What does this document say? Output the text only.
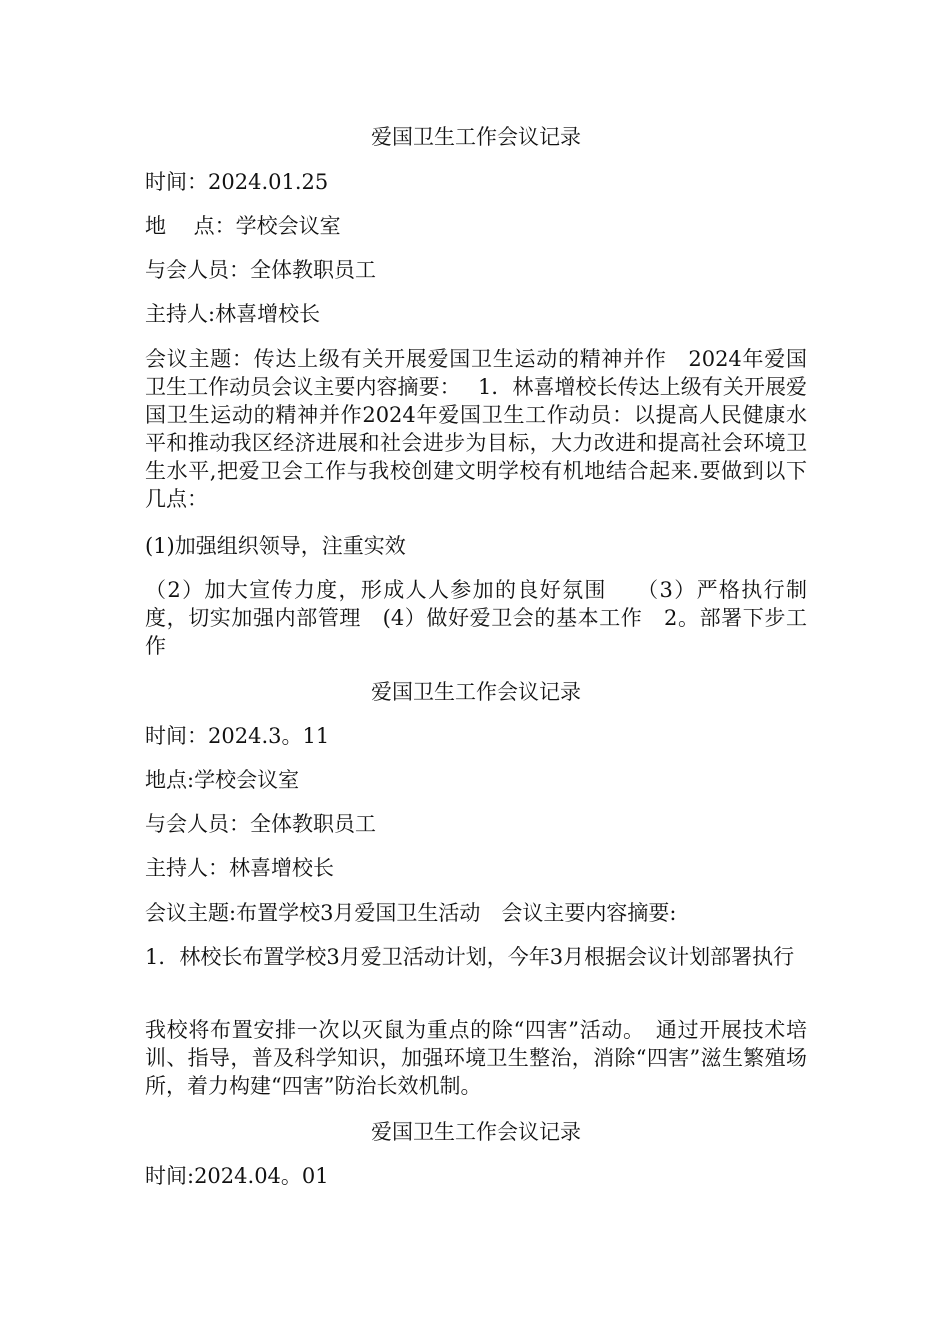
爱国卫生工作会议记录
时间：2024.01.25
地　 点：学校会议室
与会人员：全体教职员工
主持人:林喜增校长
会议主题：传达上级有关开展爱国卫生运动的精神并作　2024年爱国卫生工作动员会议主要内容摘要：　 1．林喜增校长传达上级有关开展爱国卫生运动的精神并作2024年爱国卫生工作动员：以提高人民健康水平和推动我区经济进展和社会进步为目标，大力改进和提高社会环境卫生水平,把爱卫会工作与我校创建文明学校有机地结合起来.要做到以下几点：
(1)加强组织领导，注重实效
（2）加大宣传力度，形成人人参加的良好氛围　 （3）严格执行制度，切实加强内部管理　(4）做好爱卫会的基本工作　2。部署下步工作
爱国卫生工作会议记录
时间：2024.3。11
地点:学校会议室
与会人员：全体教职员工
主持人：林喜增校长
会议主题:布置学校3月爱国卫生活动　会议主要内容摘要:
1．林校长布置学校3月爱卫活动计划，今年3月根据会议计划部署执行
我校将布置安排一次以灭鼠为重点的除“四害”活动。　通过开展技术培训、指导，普及科学知识，加强环境卫生整治，消除“四害”滋生繁殖场所，着力构建“四害”防治长效机制。
爱国卫生工作会议记录
时间:2024.04。01
